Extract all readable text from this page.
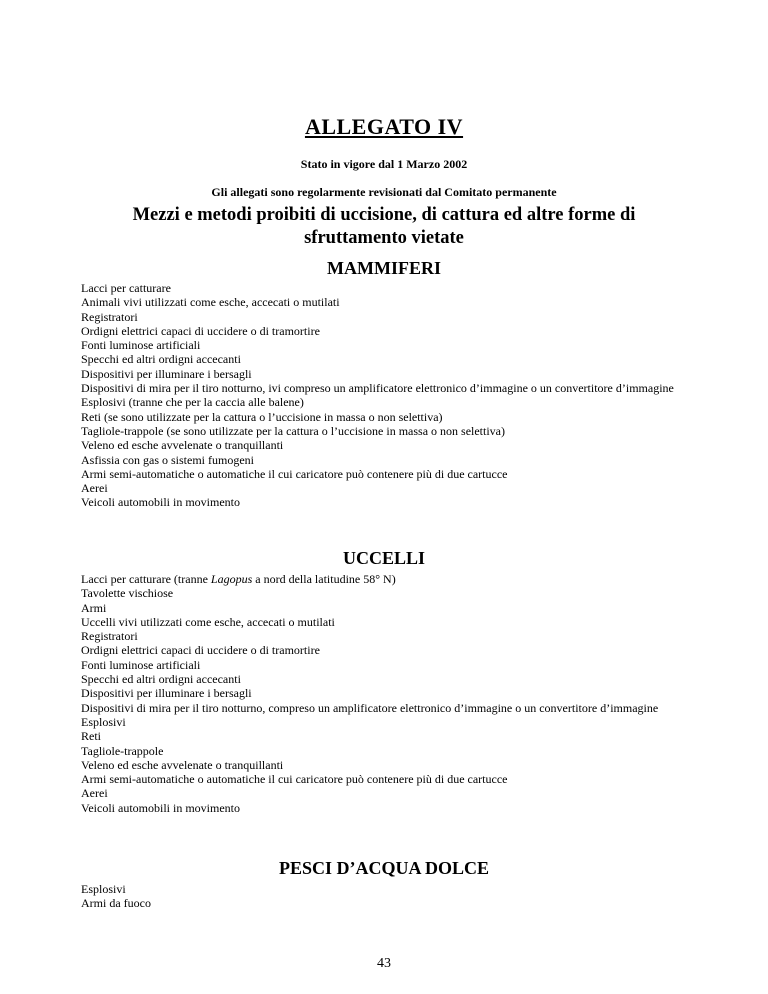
ALLEGATO IV
Stato in vigore dal 1 Marzo 2002
Gli allegati sono regolarmente revisionati dal Comitato permanente
Mezzi e metodi proibiti di uccisione, di cattura ed altre forme di sfruttamento vietate
MAMMIFERI
Lacci per catturare
Animali vivi utilizzati come esche, accecati o mutilati
Registratori
Ordigni elettrici capaci di uccidere o di tramortire
Fonti luminose artificiali
Specchi ed altri ordigni accecanti
Dispositivi per illuminare i bersagli
Dispositivi di mira per il tiro notturno, ivi compreso un amplificatore elettronico d’immagine o un convertitore d’immagine
Esplosivi (tranne che per la caccia alle balene)
Reti (se sono utilizzate per la cattura o l’uccisione in massa o non selettiva)
Tagliole-trappole (se sono utilizzate per la cattura o l’uccisione in massa o non selettiva)
Veleno ed esche avvelenate o tranquillanti
Asfissia con gas o sistemi fumogeni
Armi semi-automatiche o automatiche il cui caricatore può contenere più di due cartucce
Aerei
Veicoli automobili in movimento
UCCELLI
Lacci per catturare (tranne Lagopus a nord della latitudine 58° N)
Tavolette vischiose
Armi
Uccelli vivi utilizzati come esche, accecati o mutilati
Registratori
Ordigni elettrici capaci di uccidere o di tramortire
Fonti luminose artificiali
Specchi ed altri ordigni accecanti
Dispositivi per illuminare i bersagli
Dispositivi di mira per il tiro notturno, compreso un amplificatore elettronico d’immagine o un convertitore d’immagine
Esplosivi
Reti
Tagliole-trappole
Veleno ed esche avvelenate o tranquillanti
Armi semi-automatiche o automatiche il cui caricatore può contenere più di due cartucce
Aerei
Veicoli automobili in movimento
PESCI D’ACQUA DOLCE
Esplosivi
Armi da fuoco
43
